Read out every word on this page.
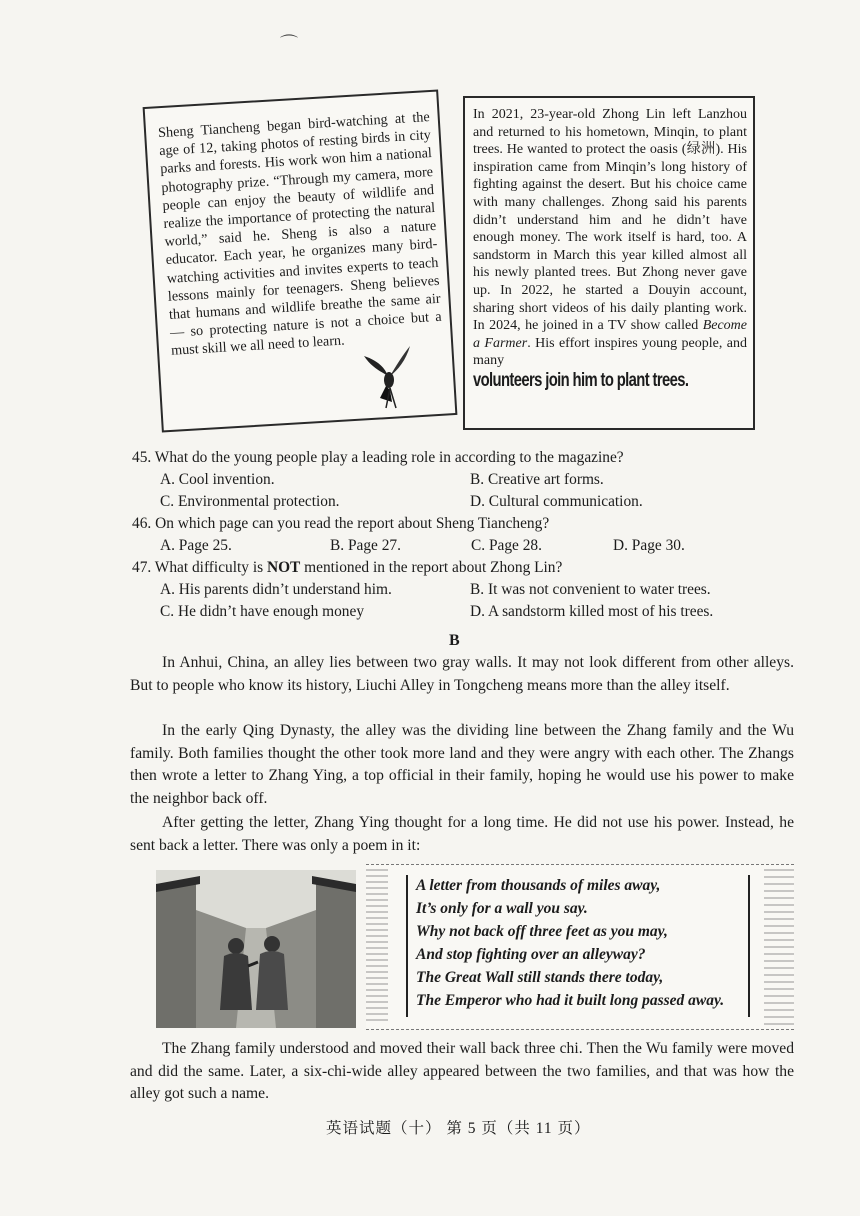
⌒

Sheng Tiancheng began bird-watching at the age of 12, taking photos of resting birds in city parks and forests. His work won him a national photography prize. “Through my camera, more people can enjoy the beauty of wildlife and realize the importance of protecting the natural world,” said he. Sheng is also a nature educator. Each year, he organizes many bird-watching activities and invites experts to teach lessons mainly for teenagers. Sheng believes that humans and wildlife breathe the same air — so protecting nature is not a choice but a must skill we all need to learn.

In 2021, 23-year-old Zhong Lin left Lanzhou and returned to his hometown, Minqin, to plant trees. He wanted to protect the oasis (绿洲). His inspiration came from Minqin’s long history of fighting against the desert. But his choice came with many challenges. Zhong said his parents didn’t understand him and he didn’t have enough money. The work itself is hard, too. A sandstorm in March this year killed almost all his newly planted trees. But Zhong never gave up. In 2022, he started a Douyin account, sharing short videos of his daily planting work. In 2024, he joined in a TV show called Become a Farmer. His effort inspires young people, and many
volunteers join him to plant trees.

45. What do the young people play a leading role in according to the magazine?
A. Cool invention.	B. Creative art forms.
C. Environmental protection.	D. Cultural communication.
46. On which page can you read the report about Sheng Tiancheng?
A. Page 25.	B. Page 27.	C. Page 28.	D. Page 30.
47. What difficulty is NOT mentioned in the report about Zhong Lin?
A. His parents didn’t understand him.	B. It was not convenient to water trees.
C. He didn’t have enough money	D. A sandstorm killed most of his trees.
B

In Anhui, China, an alley lies between two gray walls. It may not look different from other alleys. But to people who know its history, Liuchi Alley in Tongcheng means more than the alley itself.

In the early Qing Dynasty, the alley was the dividing line between the Zhang family and the Wu family. Both families thought the other took more land and they were angry with each other. The Zhangs then wrote a letter to Zhang Ying, a top official in their family, hoping he would use his power to make the neighbor back off.

After getting the letter, Zhang Ying thought for a long time. He did not use his power. Instead, he sent back a letter. There was only a poem in it:

A letter from thousands of miles away,
It’s only for a wall you say.
Why not back off three feet as you may,
And stop fighting over an alleyway?
The Great Wall still stands there today,
The Emperor who had it built long passed away.

The Zhang family understood and moved their wall back three chi. Then the Wu family were moved and did the same. Later, a six-chi-wide alley appeared between the two families, and that was how the alley got such a name.

英语试题（十） 第 5 页（共 11 页）
